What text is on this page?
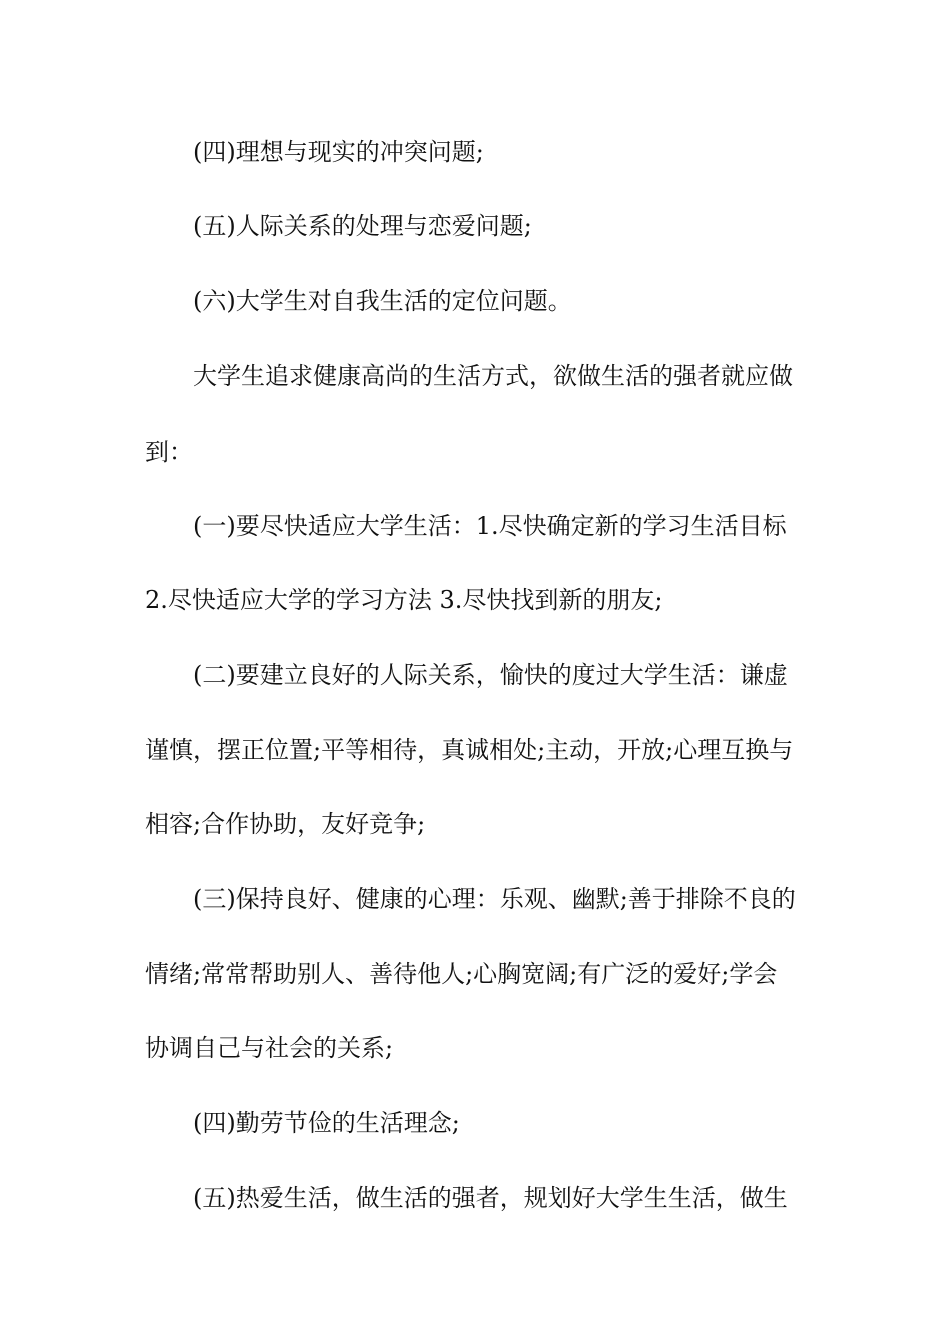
(四)理想与现实的冲突问题;

(五)人际关系的处理与恋爱问题;

(六)大学生对自我生活的定位问题。

大学生追求健康高尚的生活方式，欲做生活的强者就应做

到：

(一)要尽快适应大学生活：1.尽快确定新的学习生活目标

2.尽快适应大学的学习方法 3.尽快找到新的朋友;

(二)要建立良好的人际关系，愉快的度过大学生活：谦虚

谨慎，摆正位置;平等相待，真诚相处;主动，开放;心理互换与

相容;合作协助，友好竞争;

(三)保持良好、健康的心理：乐观、幽默;善于排除不良的

情绪;常常帮助别人、善待他人;心胸宽阔;有广泛的爱好;学会

协调自己与社会的关系;

(四)勤劳节俭的生活理念;

(五)热爱生活，做生活的强者，规划好大学生生活，做生
